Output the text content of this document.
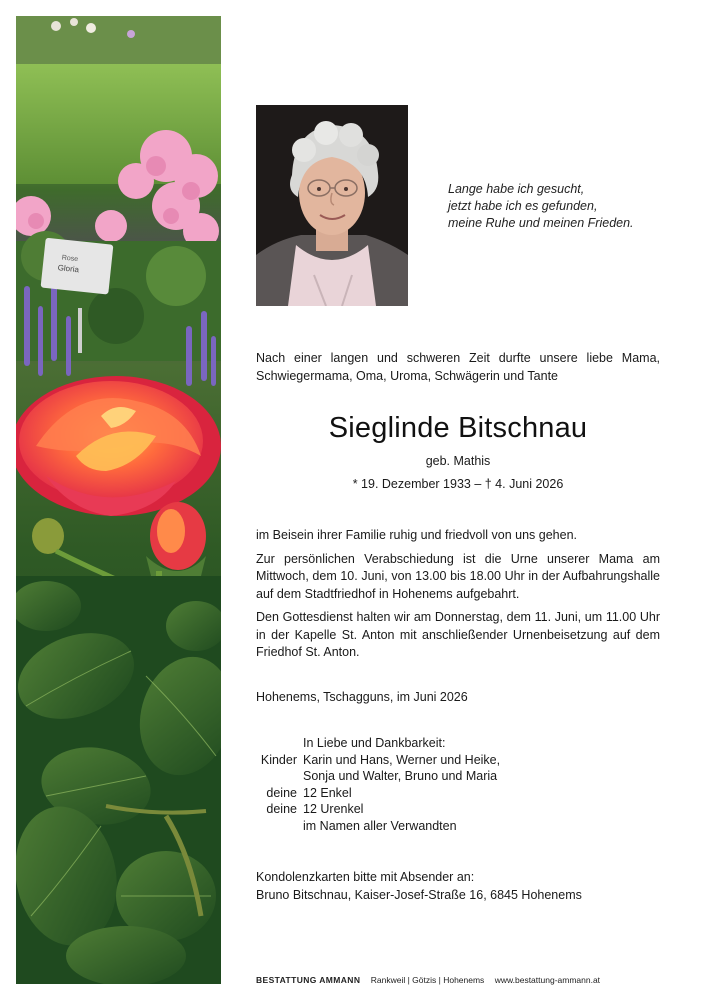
Rose
Gloria
Lange habe ich gesucht,
jetzt habe ich es gefunden,
meine Ruhe und meinen Frieden.
Nach einer langen und schweren Zeit durfte unsere liebe Mama, Schwiegermama, Oma, Uroma, Schwägerin und Tante
Sieglinde Bitschnau
geb. Mathis
* 19. Dezember 1933 – † 4. Juni 2026

im Beisein ihrer Familie ruhig und friedvoll von uns gehen.

Zur persönlichen Verabschiedung ist die Urne unserer Mama am Mittwoch, dem 10. Juni, von 13.00 bis 18.00 Uhr in der Aufbahrungshalle auf dem Stadtfriedhof in Hohenems aufgebahrt.

Den Gottesdienst halten wir am Donnerstag, dem 11. Juni, um 11.00 Uhr in der Kapelle St. Anton mit anschließender Urnenbeisetzung auf dem Friedhof St. Anton.

Hohenems, Tschagguns, im Juni 2026
In Liebe und Dankbarkeit:
Kinder Karin und Hans, Werner und Heike,
Sonja und Walter, Bruno und Maria
deine 12 Enkel
deine 12 Urenkel
im Namen aller Verwandten
Kondolenzkarten bitte mit Absender an:
Bruno Bitschnau, Kaiser-Josef-Straße 16, 6845 Hohenems
BESTATTUNG AMMANN Rankweil | Götzis | Hohenems www.bestattung-ammann.at
